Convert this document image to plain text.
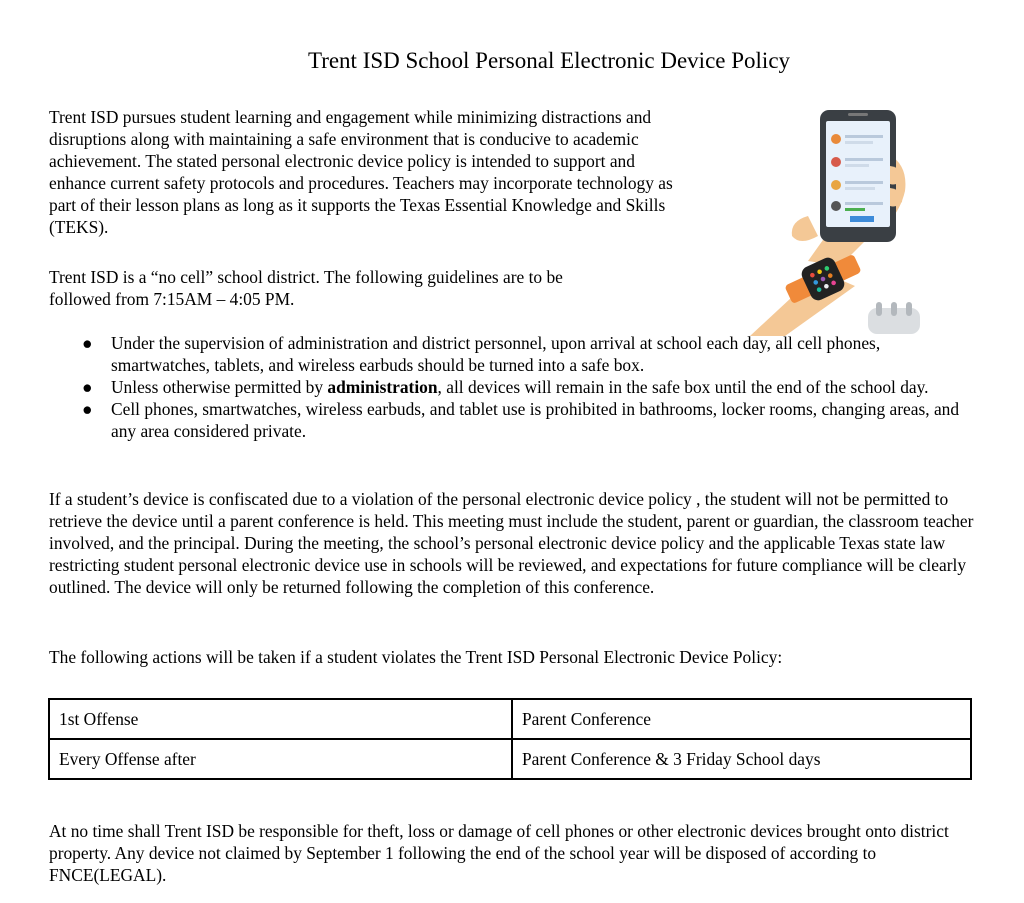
Trent ISD School Personal Electronic Device Policy
Trent ISD pursues student learning and engagement while minimizing distractions and disruptions along with maintaining a safe environment that is conducive to academic achievement. The stated personal electronic device policy is intended to support and enhance current safety protocols and procedures. Teachers may incorporate technology as part of their lesson plans as long as it supports the Texas Essential Knowledge and Skills (TEKS).
Trent ISD is a “no cell” school district. The following guidelines are to be
followed from 7:15AM – 4:05 PM.
● Under the supervision of administration and district personnel, upon arrival at school each day, all cell phones, smartwatches, tablets, and wireless earbuds should be turned into a safe box.
● Unless otherwise permitted by administration, all devices will remain in the safe box until the end of the school day.
● Cell phones, smartwatches, wireless earbuds, and tablet use is prohibited in bathrooms, locker rooms, changing areas, and any area considered private.
If a student’s device is confiscated due to a violation of the personal electronic device policy , the student will not be permitted to retrieve the device until a parent conference is held. This meeting must include the student, parent or guardian, the classroom teacher involved, and the principal. During the meeting, the school’s personal electronic device policy and the applicable Texas state law restricting student personal electronic device use in schools will be reviewed, and expectations for future compliance will be clearly outlined. The device will only be returned following the completion of this conference.
The following actions will be taken if a student violates the Trent ISD Personal Electronic Device Policy:
1st Offense	Parent Conference
Every Offense after	Parent Conference & 3 Friday School days
At no time shall Trent ISD be responsible for theft, loss or damage of cell phones or other electronic devices brought onto district property. Any device not claimed by September 1 following the end of the school year will be disposed of according to FNCE(LEGAL).
